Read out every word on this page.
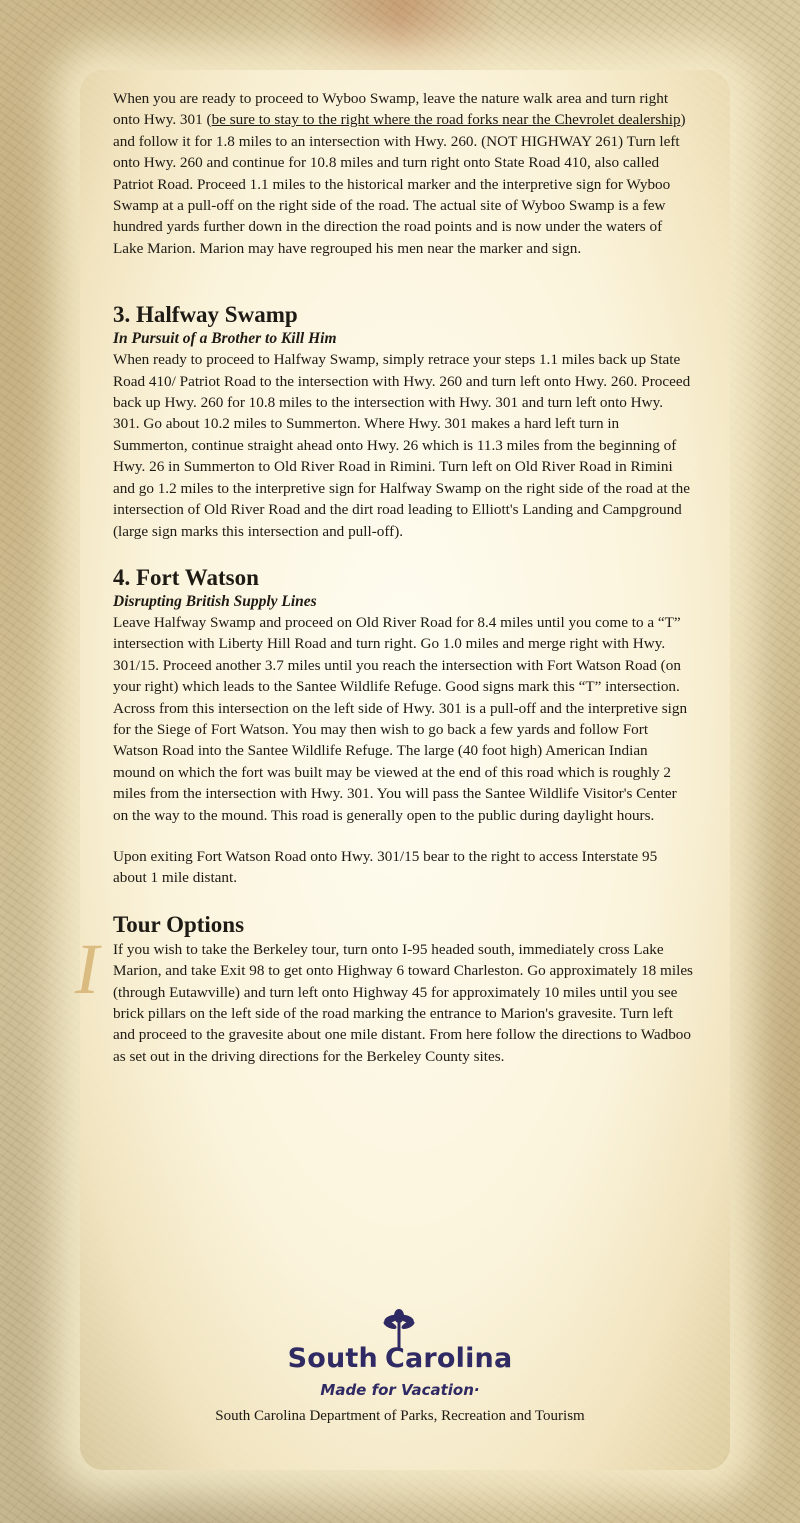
When you are ready to proceed to Wyboo Swamp, leave the nature walk area and turn right onto Hwy. 301 (be sure to stay to the right where the road forks near the Chevrolet dealership) and follow it for 1.8 miles to an intersection with Hwy. 260. (NOT HIGHWAY 261) Turn left onto Hwy. 260 and continue for 10.8 miles and turn right onto State Road 410, also called Patriot Road. Proceed 1.1 miles to the historical marker and the interpretive sign for Wyboo Swamp at a pull-off on the right side of the road. The actual site of Wyboo Swamp is a few hundred yards further down in the direction the road points and is now under the waters of Lake Marion. Marion may have regrouped his men near the marker and sign.

3. Halfway Swamp
In Pursuit of a Brother to Kill Him

When ready to proceed to Halfway Swamp, simply retrace your steps 1.1 miles back up State Road 410/ Patriot Road to the intersection with Hwy. 260 and turn left onto Hwy. 260. Proceed back up Hwy. 260 for 10.8 miles to the intersection with Hwy. 301 and turn left onto Hwy. 301. Go about 10.2 miles to Summerton. Where Hwy. 301 makes a hard left turn in Summerton, continue straight ahead onto Hwy. 26 which is 11.3 miles from the beginning of Hwy. 26 in Summerton to Old River Road in Rimini. Turn left on Old River Road in Rimini and go 1.2 miles to the interpretive sign for Halfway Swamp on the right side of the road at the intersection of Old River Road and the dirt road leading to Elliott's Landing and Campground (large sign marks this intersection and pull-off).

4. Fort Watson
Disrupting British Supply Lines

Leave Halfway Swamp and proceed on Old River Road for 8.4 miles until you come to a “T” intersection with Liberty Hill Road and turn right. Go 1.0 miles and merge right with Hwy. 301/15. Proceed another 3.7 miles until you reach the intersection with Fort Watson Road (on your right) which leads to the Santee Wildlife Refuge. Good signs mark this “T” intersection. Across from this intersection on the left side of Hwy. 301 is a pull-off and the interpretive sign for the Siege of Fort Watson. You may then wish to go back a few yards and follow Fort Watson Road into the Santee Wildlife Refuge. The large (40 foot high) American Indian mound on which the fort was built may be viewed at the end of this road which is roughly 2 miles from the intersection with Hwy. 301. You will pass the Santee Wildlife Visitor's Center on the way to the mound. This road is generally open to the public during daylight hours.

Upon exiting Fort Watson Road onto Hwy. 301/15 bear to the right to access Interstate 95 about 1 mile distant.

Tour Options
I If you wish to take the Berkeley tour, turn onto I-95 headed south, immediately cross Lake Marion, and take Exit 98 to get onto Highway 6 toward Charleston. Go approximately 18 miles (through Eutawville) and turn left onto Highway 45 for approximately 10 miles until you see brick pillars on the left side of the road marking the entrance to Marion's gravesite. Turn left and proceed to the gravesite about one mile distant. From here follow the directions to Wadboo as set out in the driving directions for the Berkeley County sites.

South Carolina
Made for Vacation·
South Carolina Department of Parks, Recreation and Tourism
